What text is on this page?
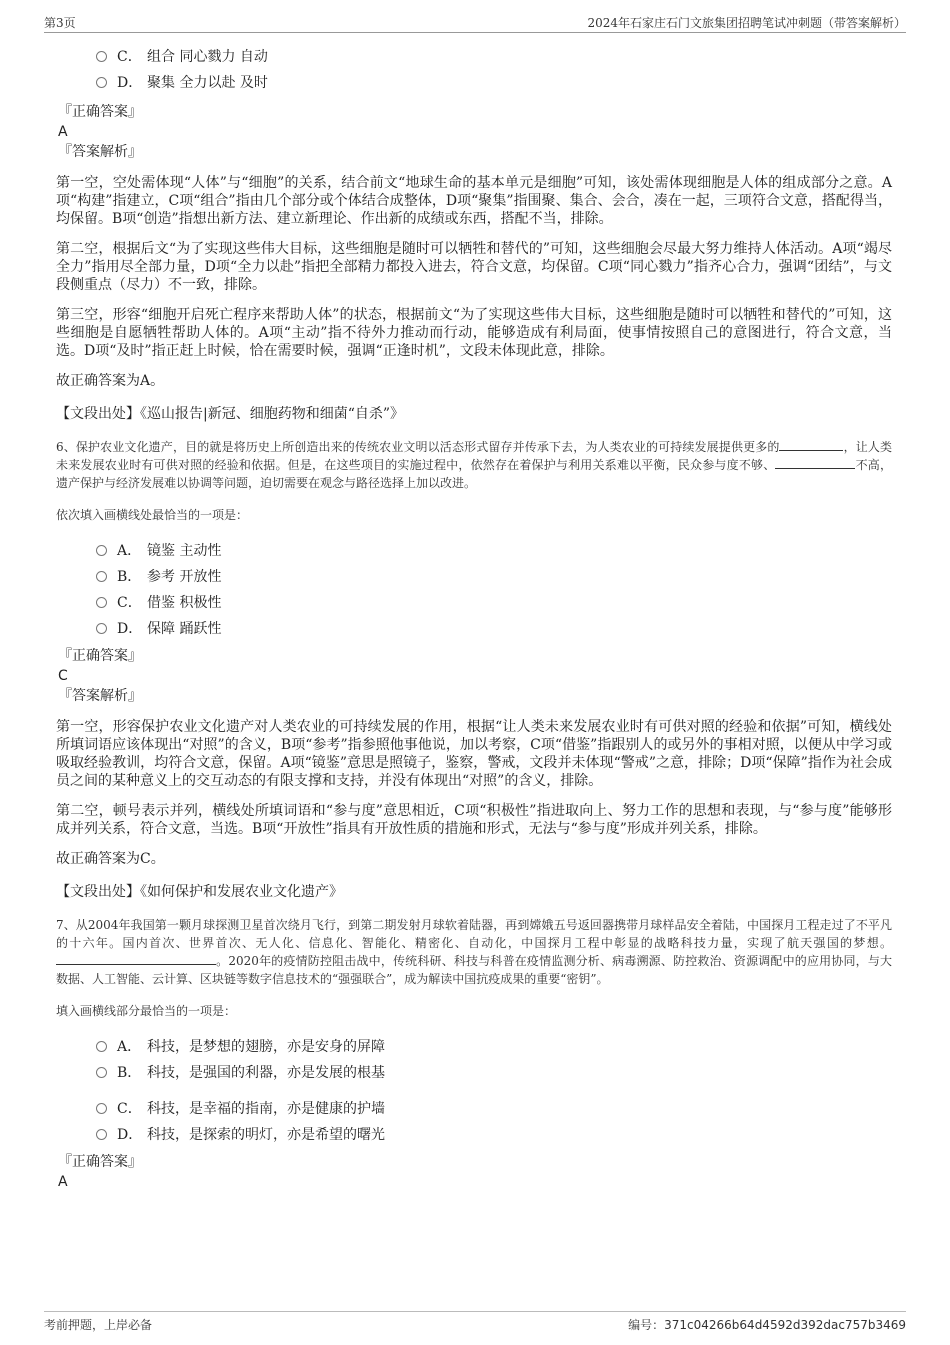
第3页	2024年石家庄石门文旅集团招聘笔试冲刺题（带答案解析）
C． 组合 同心戮力 自动
D． 聚集 全力以赴 及时
『正确答案』
A
『答案解析』

第一空，空处需体现“人体”与“细胞”的关系，结合前文“地球生命的基本单元是细胞”可知，该处需体现细胞是人体的组成部分之意。A项“构建”指建立，C项“组合”指由几个部分或个体结合成整体，D项“聚集”指围聚、集合、会合，凑在一起，三项符合文意，搭配得当，均保留。B项“创造”指想出新方法、建立新理论、作出新的成绩或东西，搭配不当，排除。

第二空，根据后文“为了实现这些伟大目标，这些细胞是随时可以牺牲和替代的”可知，这些细胞会尽最大努力维持人体活动。A项“竭尽全力”指用尽全部力量，D项“全力以赴”指把全部精力都投入进去，符合文意，均保留。C项“同心戮力”指齐心合力，强调“团结”，与文段侧重点（尽力）不一致，排除。

第三空，形容“细胞开启死亡程序来帮助人体”的状态，根据前文“为了实现这些伟大目标，这些细胞是随时可以牺牲和替代的”可知，这些细胞是自愿牺牲帮助人体的。A项“主动”指不待外力推动而行动，能够造成有利局面，使事情按照自己的意图进行，符合文意，当选。D项“及时”指正赶上时候，恰在需要时候，强调“正逢时机”，文段未体现此意，排除。

故正确答案为A。

【文段出处】《巡山报告|新冠、细胞药物和细菌“自杀”》
6、保护农业文化遗产，目的就是将历史上所创造出来的传统农业文明以活态形式留存并传承下去，为人类农业的可持续发展提供更多的	，让人类未来发展农业时有可供对照的经验和依据。但是，在这些项目的实施过程中，依然存在着保护与利用关系难以平衡，民众参与度不够、	不高，遗产保护与经济发展难以协调等问题，迫切需要在观念与路径选择上加以改进。
依次填入画横线处最恰当的一项是：
A． 镜鉴 主动性
B． 参考 开放性
C． 借鉴 积极性
D． 保障 踊跃性
『正确答案』
C
『答案解析』

第一空，形容保护农业文化遗产对人类农业的可持续发展的作用，根据“让人类未来发展农业时有可供对照的经验和依据”可知，横线处所填词语应该体现出“对照”的含义，B项“参考”指参照他事他说，加以考察，C项“借鉴”指跟别人的或另外的事相对照，以便从中学习或吸取经验教训，均符合文意，保留。A项“镜鉴”意思是照镜子，鉴察，警戒，文段并未体现“警戒”之意，排除；D项“保障”指作为社会成员之间的某种意义上的交互动态的有限支撑和支持，并没有体现出“对照”的含义，排除。

第二空，顿号表示并列，横线处所填词语和“参与度”意思相近，C项“积极性”指进取向上、努力工作的思想和表现，与“参与度”能够形成并列关系，符合文意，当选。B项“开放性”指具有开放性质的措施和形式，无法与“参与度”形成并列关系，排除。

故正确答案为C。

【文段出处】《如何保护和发展农业文化遗产》
7、从2004年我国第一颗月球探测卫星首次绕月飞行，到第二期发射月球软着陆器，再到嫦娥五号返回器携带月球样品安全着陆，中国探月工程走过了不平凡的十六年。国内首次、世界首次、无人化、信息化、智能化、精密化、自动化，中国探月工程中彰显的战略科技力量，实现了航天强国的梦想。。2020年的疫情防控阻击战中，传统科研、科技与科普在疫情监测分析、病毒溯源、防控救治、资源调配中的应用协同，与大数据、人工智能、云计算、区块链等数字信息技术的“强强联合”，成为解读中国抗疫成果的重要“密钥”。
填入画横线部分最恰当的一项是：
A． 科技，是梦想的翅膀，亦是安身的屏障
B． 科技，是强国的利器，亦是发展的根基
C． 科技，是幸福的指南，亦是健康的护墙
D． 科技，是探索的明灯，亦是希望的曙光
『正确答案』
A
考前押题，上岸必备	编号：371c04266b64d4592d392dac757b3469
